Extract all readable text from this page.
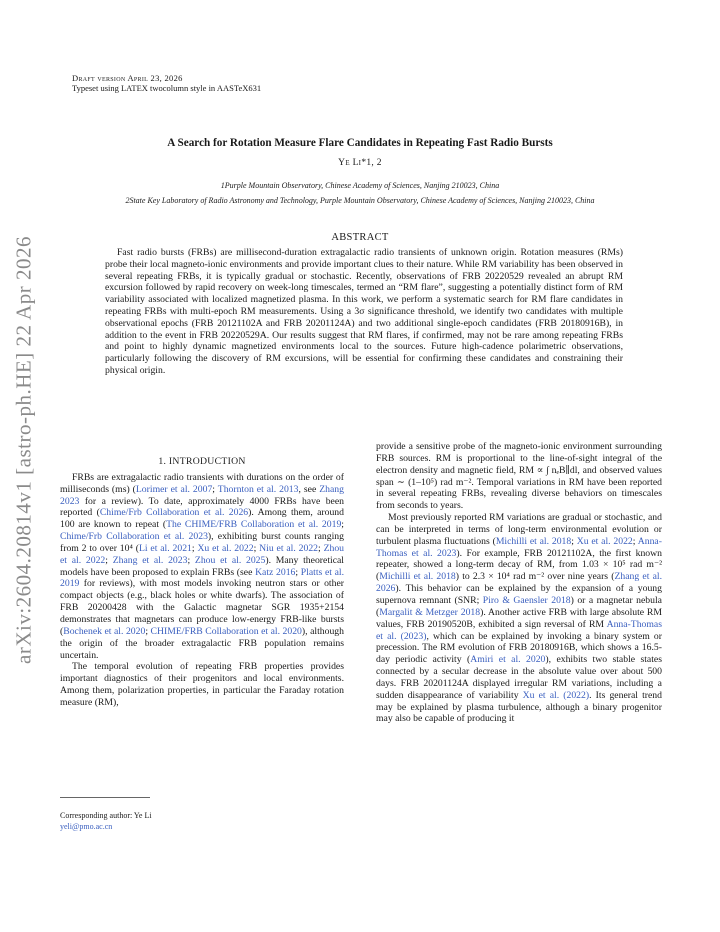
arXiv:2604.20814v1 [astro-ph.HE] 22 Apr 2026
Draft version April 23, 2026
Typeset using LATEX twocolumn style in AASTeX631
A Search for Rotation Measure Flare Candidates in Repeating Fast Radio Bursts
Ye Li*1, 2
1Purple Mountain Observatory, Chinese Academy of Sciences, Nanjing 210023, China
2State Key Laboratory of Radio Astronomy and Technology, Purple Mountain Observatory, Chinese Academy of Sciences, Nanjing 210023, China
ABSTRACT

Fast radio bursts (FRBs) are millisecond-duration extragalactic radio transients of unknown origin. Rotation measures (RMs) probe their local magneto-ionic environments and provide important clues to their nature. While RM variability has been observed in several repeating FRBs, it is typically gradual or stochastic. Recently, observations of FRB 20220529 revealed an abrupt RM excursion followed by rapid recovery on week-long timescales, termed an “RM flare”, suggesting a potentially distinct form of RM variability associated with localized magnetized plasma. In this work, we perform a systematic search for RM flare candidates in repeating FRBs with multi-epoch RM measurements. Using a 3σ significance threshold, we identify two candidates with multiple observational epochs (FRB 20121102A and FRB 20201124A) and two additional single-epoch candidates (FRB 20180916B), in addition to the event in FRB 20220529A. Our results suggest that RM flares, if confirmed, may not be rare among repeating FRBs and point to highly dynamic magnetized environments local to the sources. Future high-cadence polarimetric observations, particularly following the discovery of RM excursions, will be essential for confirming these candidates and constraining their physical origin.

1. INTRODUCTION

FRBs are extragalactic radio transients with durations on the order of milliseconds (ms) (Lorimer et al. 2007; Thornton et al. 2013, see Zhang 2023 for a review). To date, approximately 4000 FRBs have been reported (Chime/Frb Collaboration et al. 2026). Among them, around 100 are known to repeat (The CHIME/FRB Collaboration et al. 2019; Chime/Frb Collaboration et al. 2023), exhibiting burst counts ranging from 2 to over 10⁴ (Li et al. 2021; Xu et al. 2022; Niu et al. 2022; Zhou et al. 2022; Zhang et al. 2023; Zhou et al. 2025). Many theoretical models have been proposed to explain FRBs (see Katz 2016; Platts et al. 2019 for reviews), with most models invoking neutron stars or other compact objects (e.g., black holes or white dwarfs). The association of FRB 20200428 with the Galactic magnetar SGR 1935+2154 demonstrates that magnetars can produce low-energy FRB-like bursts (Bochenek et al. 2020; CHIME/FRB Collaboration et al. 2020), although the origin of the broader extragalactic FRB population remains uncertain.

The temporal evolution of repeating FRB properties provides important diagnostics of their progenitors and local environments. Among them, polarization properties, in particular the Faraday rotation measure (RM),

provide a sensitive probe of the magneto-ionic environment surrounding FRB sources. RM is proportional to the line-of-sight integral of the electron density and magnetic field, RM ∝ ∫ nₑB∥dl, and observed values span ∼ (1–10⁵) rad m⁻². Temporal variations in RM have been reported in several repeating FRBs, revealing diverse behaviors on timescales from seconds to years.

Most previously reported RM variations are gradual or stochastic, and can be interpreted in terms of long-term environmental evolution or turbulent plasma fluctuations (Michilli et al. 2018; Xu et al. 2022; Anna-Thomas et al. 2023). For example, FRB 20121102A, the first known repeater, showed a long-term decay of RM, from 1.03 × 10⁵ rad m⁻² (Michilli et al. 2018) to 2.3 × 10⁴ rad m⁻² over nine years (Zhang et al. 2026). This behavior can be explained by the expansion of a young supernova remnant (SNR; Piro & Gaensler 2018) or a magnetar nebula (Margalit & Metzger 2018). Another active FRB with large absolute RM values, FRB 20190520B, exhibited a sign reversal of RM Anna-Thomas et al. (2023), which can be explained by invoking a binary system or precession. The RM evolution of FRB 20180916B, which shows a 16.5-day periodic activity (Amiri et al. 2020), exhibits two stable states connected by a secular decrease in the absolute value over about 500 days. FRB 20201124A displayed irregular RM variations, including a sudden disappearance of variability Xu et al. (2022). Its general trend may be explained by plasma turbulence, although a binary progenitor may also be capable of producing it

Corresponding author: Ye Li
yeli@pmo.ac.cn
